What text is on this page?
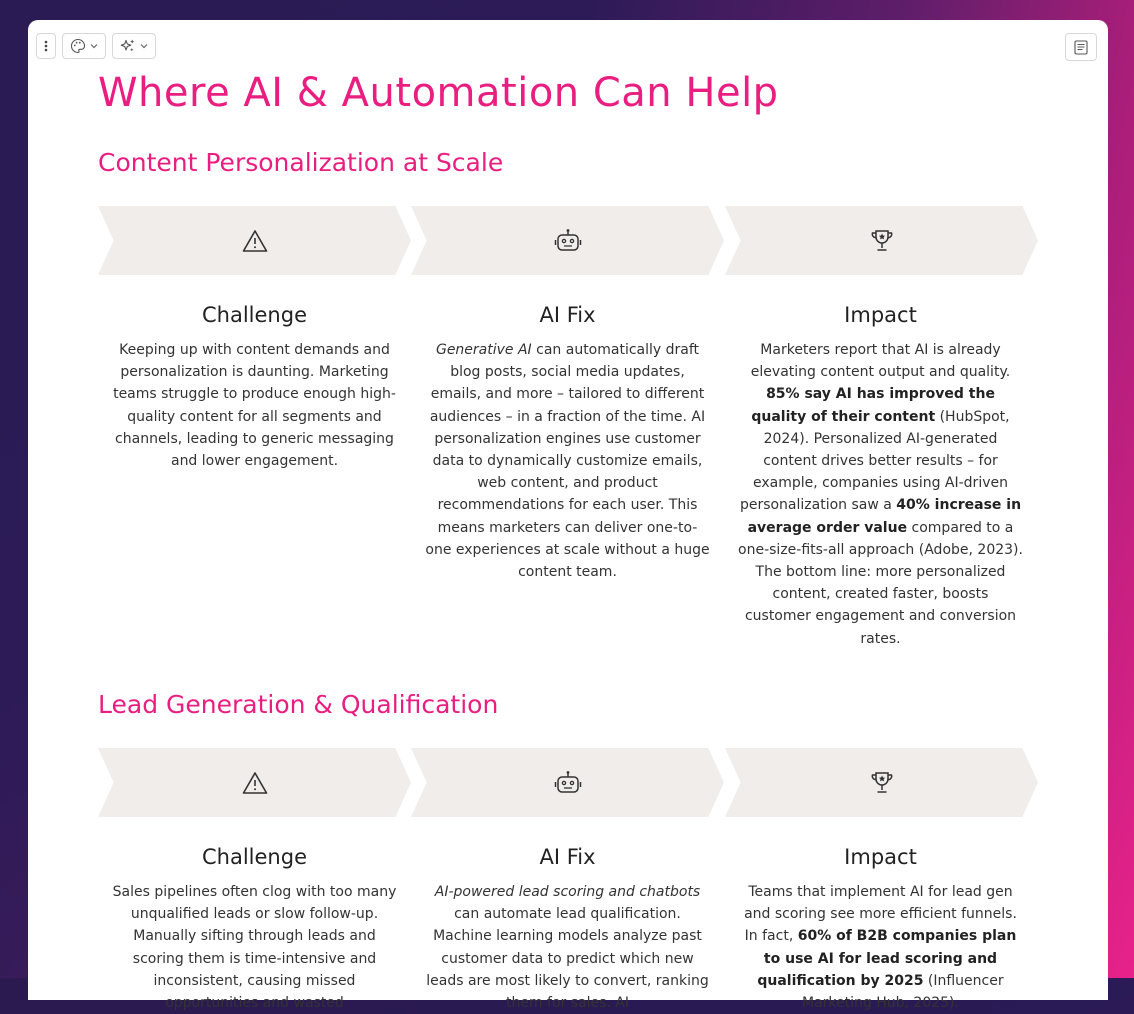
Where AI & Automation Can Help
Content Personalization at Scale
Challenge

Keeping up with content demands and personalization is daunting. Marketing teams struggle to produce enough high-quality content for all segments and channels, leading to generic messaging and lower engagement.

AI Fix

Generative AI can automatically draft blog posts, social media updates, emails, and more – tailored to different audiences – in a fraction of the time. AI personalization engines use customer data to dynamically customize emails, web content, and product recommendations for each user. This means marketers can deliver one-to-one experiences at scale without a huge content team.

Impact

Marketers report that AI is already elevating content output and quality. 85% say AI has improved the quality of their content (HubSpot, 2024). Personalized AI-generated content drives better results – for example, companies using AI-driven personalization saw a 40% increase in average order value compared to a one-size-fits-all approach (Adobe, 2023). The bottom line: more personalized content, created faster, boosts customer engagement and conversion rates.

Lead Generation & Qualification
Challenge

Sales pipelines often clog with too many unqualified leads or slow follow-up. Manually sifting through leads and scoring them is time-intensive and inconsistent, causing missed opportunities and wasted

AI Fix

AI-powered lead scoring and chatbots can automate lead qualification. Machine learning models analyze past customer data to predict which new leads are most likely to convert, ranking them for sales. AI

Impact

Teams that implement AI for lead gen and scoring see more efficient funnels. In fact, 60% of B2B companies plan to use AI for lead scoring and qualification by 2025 (Influencer Marketing Hub, 2025).
